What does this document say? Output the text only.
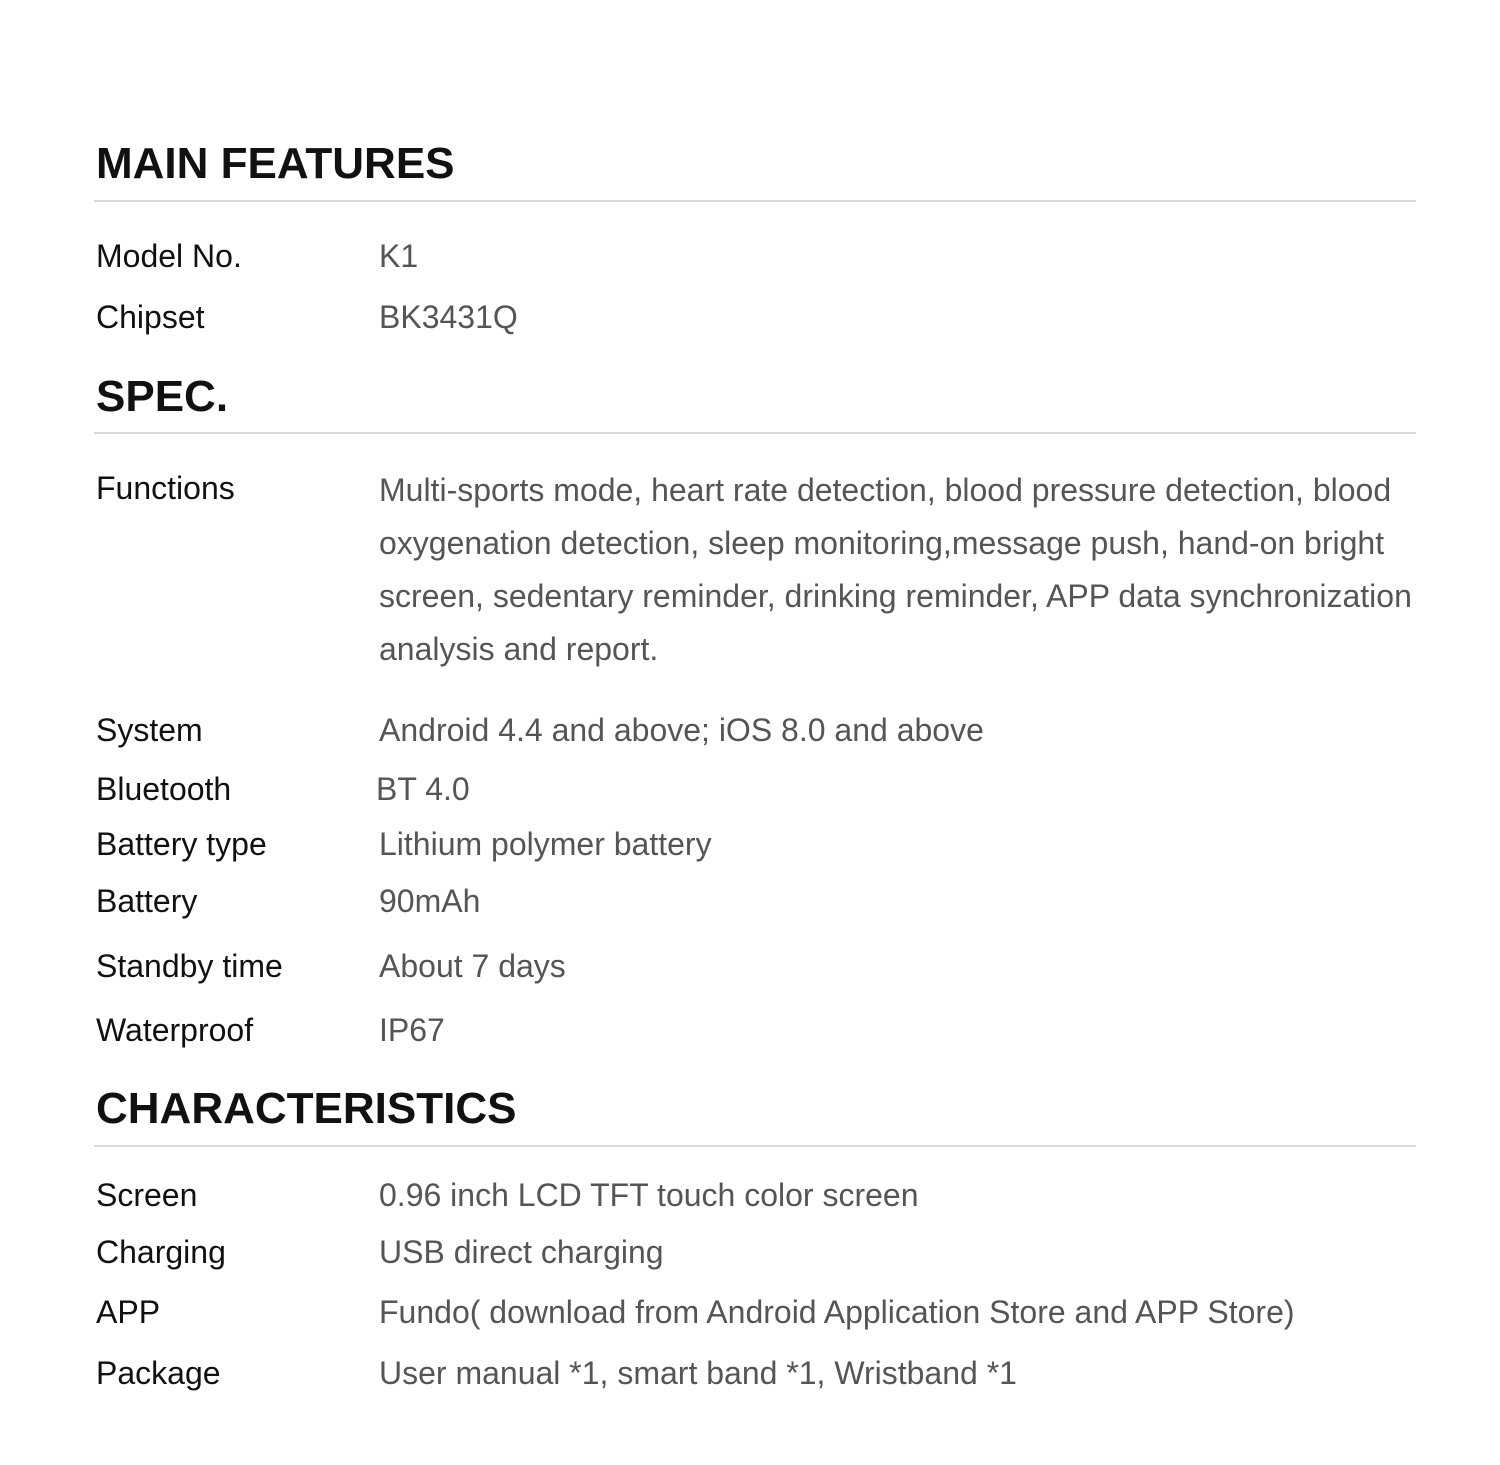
MAIN FEATURES
Model No.	K1
Chipset	BK3431Q
SPEC.
Functions	Multi-sports mode, heart rate detection, blood pressure detection, blood oxygenation detection, sleep monitoring,message push, hand-on bright screen, sedentary reminder, drinking reminder, APP data synchronization analysis and report.
System	Android 4.4 and above; iOS 8.0 and above
Bluetooth	BT 4.0
Battery type	Lithium polymer battery
Battery	90mAh
Standby time	About 7 days
Waterproof	IP67
CHARACTERISTICS
Screen	0.96 inch LCD TFT touch color screen
Charging	USB direct charging
APP	Fundo( download from Android Application Store and APP Store)
Package	User manual *1, smart band *1, Wristband *1
